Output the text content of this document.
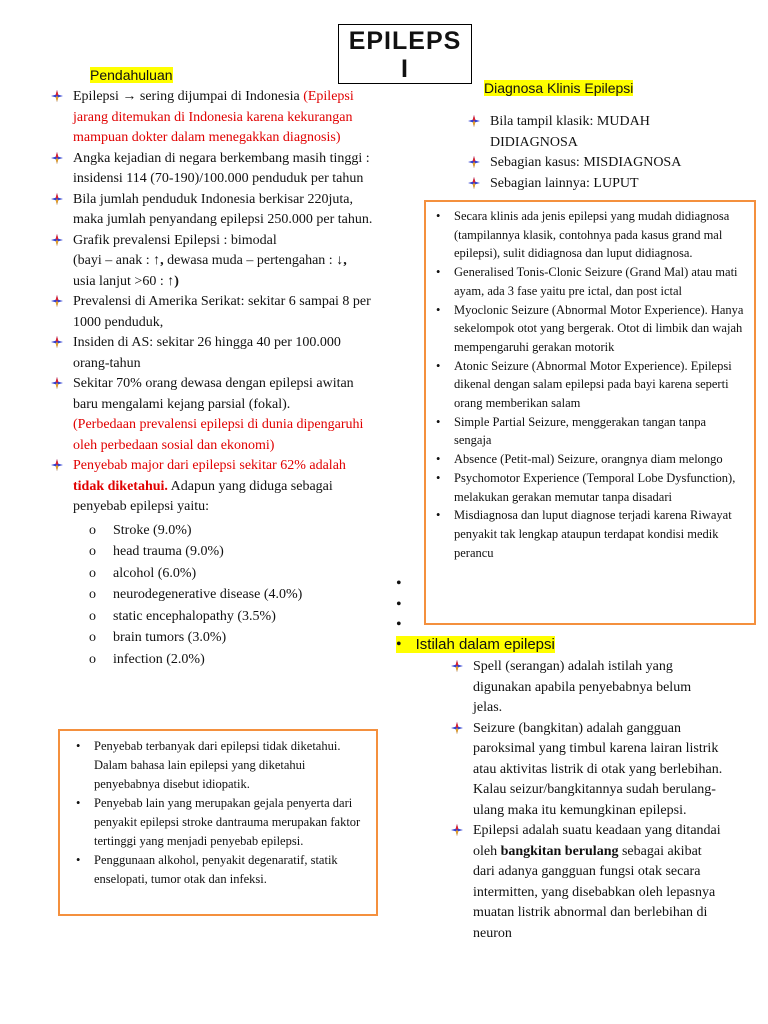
EPILEPS
I
Pendahuluan
Epilepsi → sering dijumpai di Indonesia (Epilepsi jarang ditemukan di Indonesia karena kekurangan mampuan dokter dalam menegakkan diagnosis)
Angka kejadian di negara berkembang masih tinggi : insidensi 114 (70-190)/100.000 penduduk per tahun
Bila jumlah penduduk Indonesia berkisar 220juta, maka jumlah penyandang epilepsi 250.000 per tahun.
Grafik prevalensi Epilepsi : bimodal
(bayi – anak : ↑, dewasa muda – pertengahan : ↓,
usia lanjut >60 : ↑)
Prevalensi di Amerika Serikat: sekitar 6 sampai 8 per 1000 penduduk,
Insiden di AS: sekitar 26 hingga 40 per 100.000 orang-tahun
Sekitar 70% orang dewasa dengan epilepsi awitan baru mengalami kejang parsial (fokal).
(Perbedaan prevalensi epilepsi di dunia dipengaruhi oleh perbedaan sosial dan ekonomi)
Penyebab major dari epilepsi sekitar 62% adalah tidak diketahui. Adapun yang diduga sebagai penyebab epilepsi yaitu:
o Stroke (9.0%)
o head trauma (9.0%)
o alcohol (6.0%)
o neurodegenerative disease (4.0%)
o static encephalopathy (3.5%)
o brain tumors (3.0%)
o infection (2.0%)
• Penyebab terbanyak dari epilepsi tidak diketahui. Dalam bahasa lain epilepsi yang diketahui penyebabnya disebut idiopatik.
• Penyebab lain yang merupakan gejala penyerta dari penyakit epilepsi stroke dantrauma merupakan faktor tertinggi yang menjadi penyebab epilepsi.
• Penggunaan alkohol, penyakit degenaratif, statik enselopati, tumor otak dan infeksi.
Diagnosa Klinis Epilepsi
Bila tampil klasik: MUDAH DIDIAGNOSA
Sebagian kasus: MISDIAGNOSA
Sebagian lainnya: LUPUT
• Secara klinis ada jenis epilepsi yang mudah didiagnosa (tampilannya klasik, contohnya pada kasus grand mal epilepsi), sulit didiagnosa dan luput didiagnosa.
• Generalised Tonis-Clonic Seizure (Grand Mal) atau mati ayam, ada 3 fase yaitu pre ictal, dan post ictal
• Myoclonic Seizure (Abnormal Motor Experience). Hanya sekelompok otot yang bergerak. Otot di limbik dan wajah mempengaruhi gerakan motorik
• Atonic Seizure (Abnormal Motor Experience). Epilepsi dikenal dengan salam epilepsi pada bayi karena seperti orang memberikan salam
• Simple Partial Seizure, menggerakan tangan tanpa sengaja
• Absence (Petit-mal) Seizure, orangnya diam melongo
• Psychomotor Experience (Temporal Lobe Dysfunction), melakukan gerakan memutar tanpa disadari
• Misdiagnosa dan luput diagnose terjadi karena Riwayat penyakit tak lengkap ataupun terdapat kondisi medik perancu
•
•
•
• Istilah dalam epilepsi
Spell (serangan) adalah istilah yang digunakan apabila penyebabnya belum jelas.
Seizure (bangkitan) adalah gangguan paroksimal yang timbul karena lairan listrik atau aktivitas listrik di otak yang berlebihan. Kalau seizur/bangkitannya sudah berulang-ulang maka itu kemungkinan epilepsi.
Epilepsi adalah suatu keadaan yang ditandai oleh bangkitan berulang sebagai akibat dari adanya gangguan fungsi otak secara intermitten, yang disebabkan oleh lepasnya muatan listrik abnormal dan berlebihan di neuron
